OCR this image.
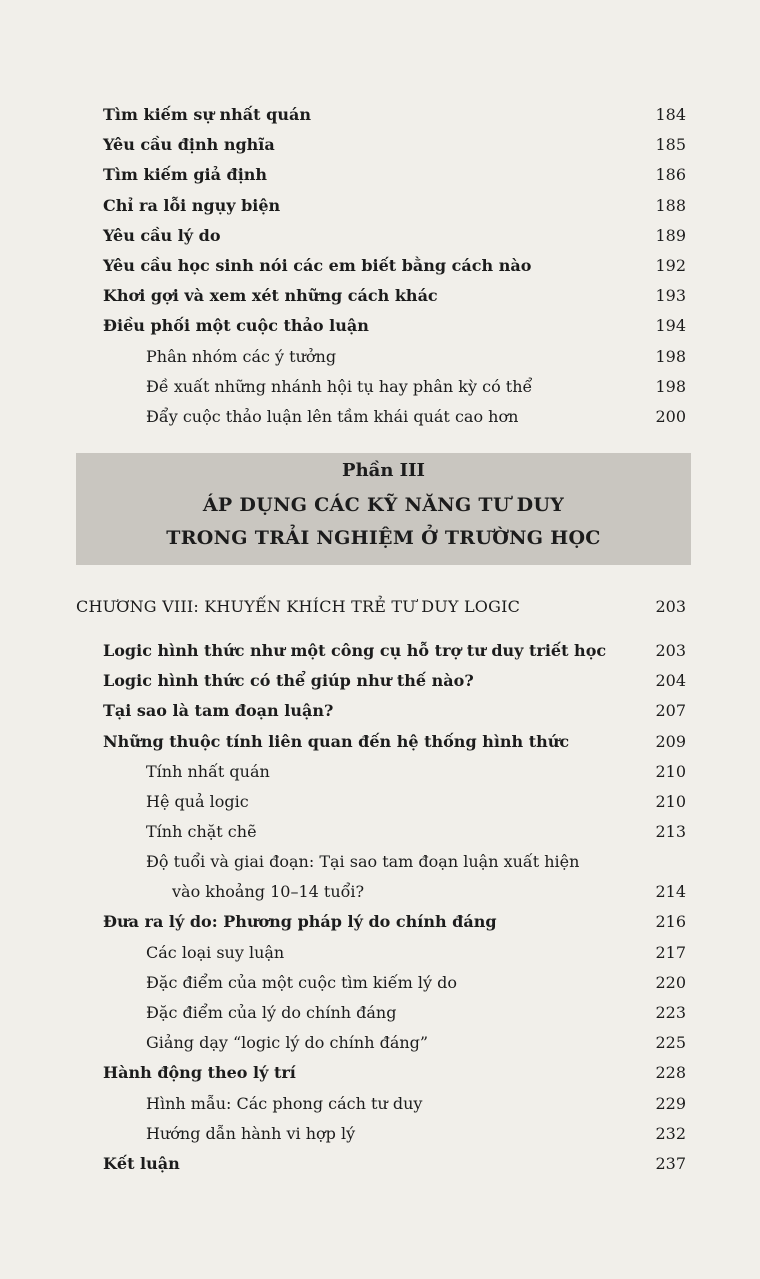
Tìm kiếm sự nhất quán	184
Yêu cầu định nghĩa	185
Tìm kiếm giả định	186
Chỉ ra lỗi ngụy biện	188
Yêu cầu lý do	189
Yêu cầu học sinh nói các em biết bằng cách nào	192
Khơi gợi và xem xét những cách khác	193
Điều phối một cuộc thảo luận	194
Phân nhóm các ý tưởng	198
Đề xuất những nhánh hội tụ hay phân kỳ có thể	198
Đẩy cuộc thảo luận lên tầm khái quát cao hơn	200
Phần III
ÁP DỤNG CÁC KỸ NĂNG TƯ DUY
TRONG TRẢI NGHIỆM Ở TRƯỜNG HỌC
CHƯƠNG VIII: KHUYẾN KHÍCH TRẺ TƯ DUY LOGIC	203
Logic hình thức như một công cụ hỗ trợ tư duy triết học	203
Logic hình thức có thể giúp như thế nào?	204
Tại sao là tam đoạn luận?	207
Những thuộc tính liên quan đến hệ thống hình thức	209
Tính nhất quán	210
Hệ quả logic	210
Tính chặt chẽ	213
Độ tuổi và giai đoạn: Tại sao tam đoạn luận xuất hiện
vào khoảng 10–14 tuổi?	214
Đưa ra lý do: Phương pháp lý do chính đáng	216
Các loại suy luận	217
Đặc điểm của một cuộc tìm kiếm lý do	220
Đặc điểm của lý do chính đáng	223
Giảng dạy “logic lý do chính đáng”	225
Hành động theo lý trí	228
Hình mẫu: Các phong cách tư duy	229
Hướng dẫn hành vi hợp lý	232
Kết luận	237
